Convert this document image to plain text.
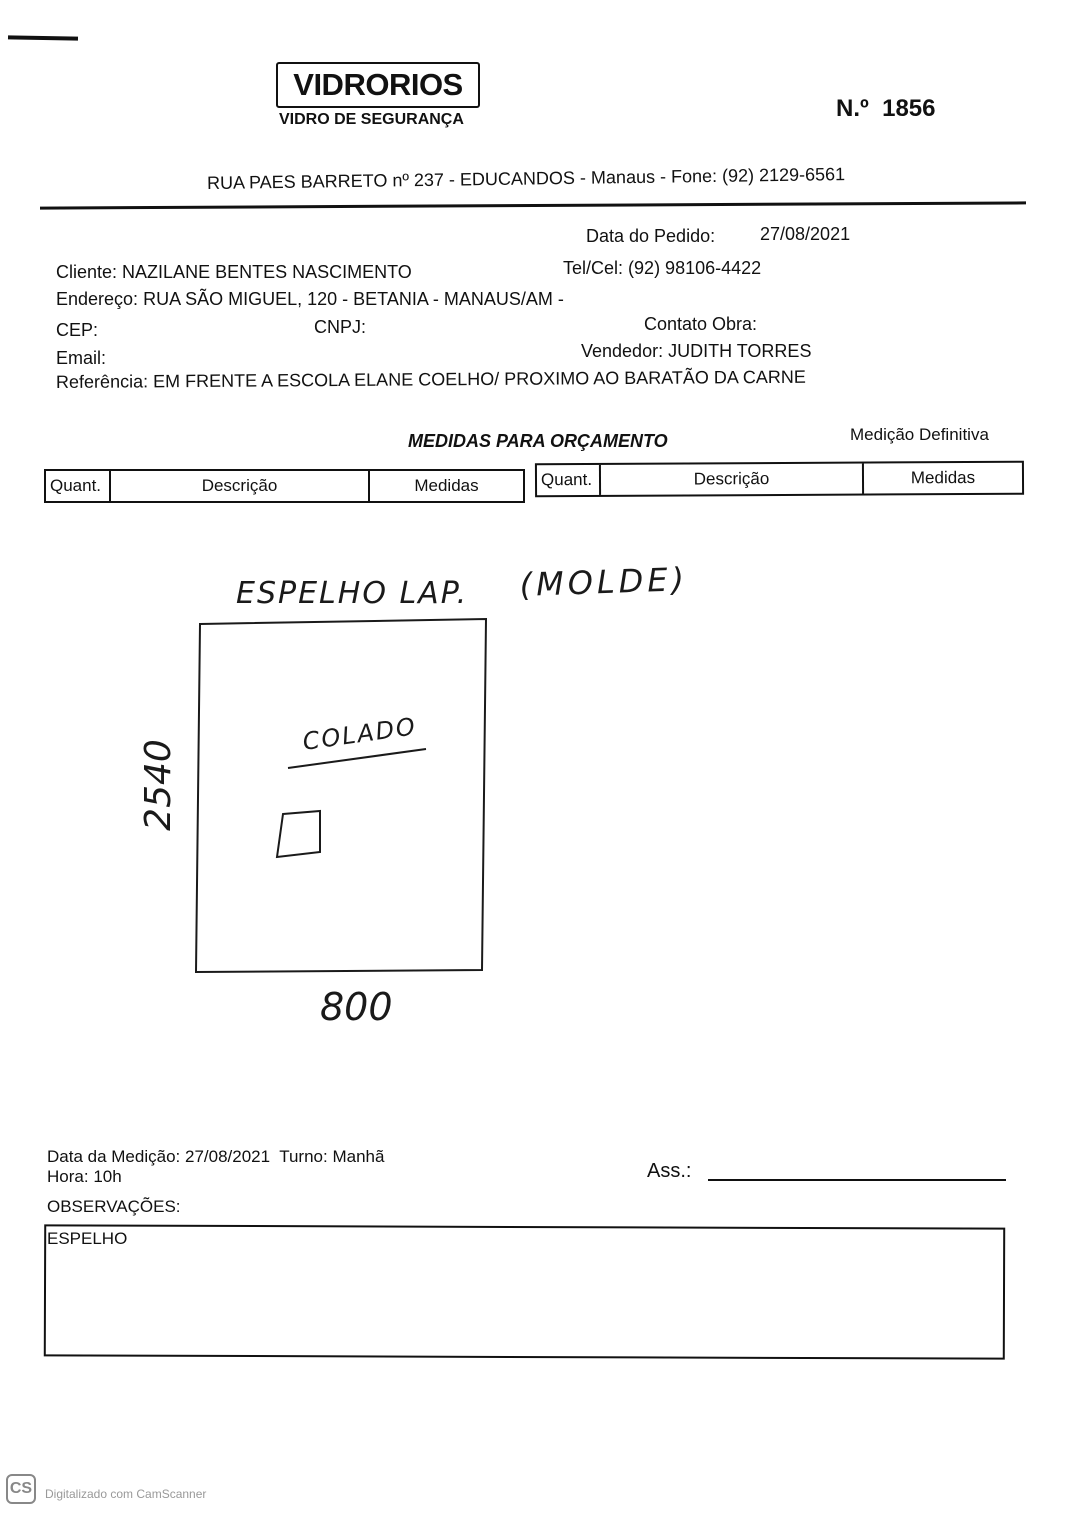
VIDRORIOS
VIDRO DE SEGURANÇA	N.º 1856
RUA PAES BARRETO nº 237 - EDUCANDOS - Manaus - Fone: (92) 2129-6561
Data do Pedido: 27/08/2021
Cliente: NAZILANE BENTES NASCIMENTO	Tel/Cel: (92) 98106-4422
Endereço: RUA SÃO MIGUEL, 120 - BETANIA - MANAUS/AM -
CEP:	CNPJ:	Contato Obra:
Email:	Vendedor: JUDITH TORRES
Referência: EM FRENTE A ESCOLA ELANE COELHO/ PROXIMO AO BARATÃO DA CARNE
MEDIDAS PARA ORÇAMENTO	Medição Definitiva
Quant.	Descrição	Medidas	Quant.	Descrição	Medidas
ESPELHO LAP. (MOLDE)
COLADO
2540
800
Data da Medição: 27/08/2021 Turno: Manhã
Hora: 10h	Ass.:
OBSERVAÇÕES:
ESPELHO
CS	Digitalizado com CamScanner
